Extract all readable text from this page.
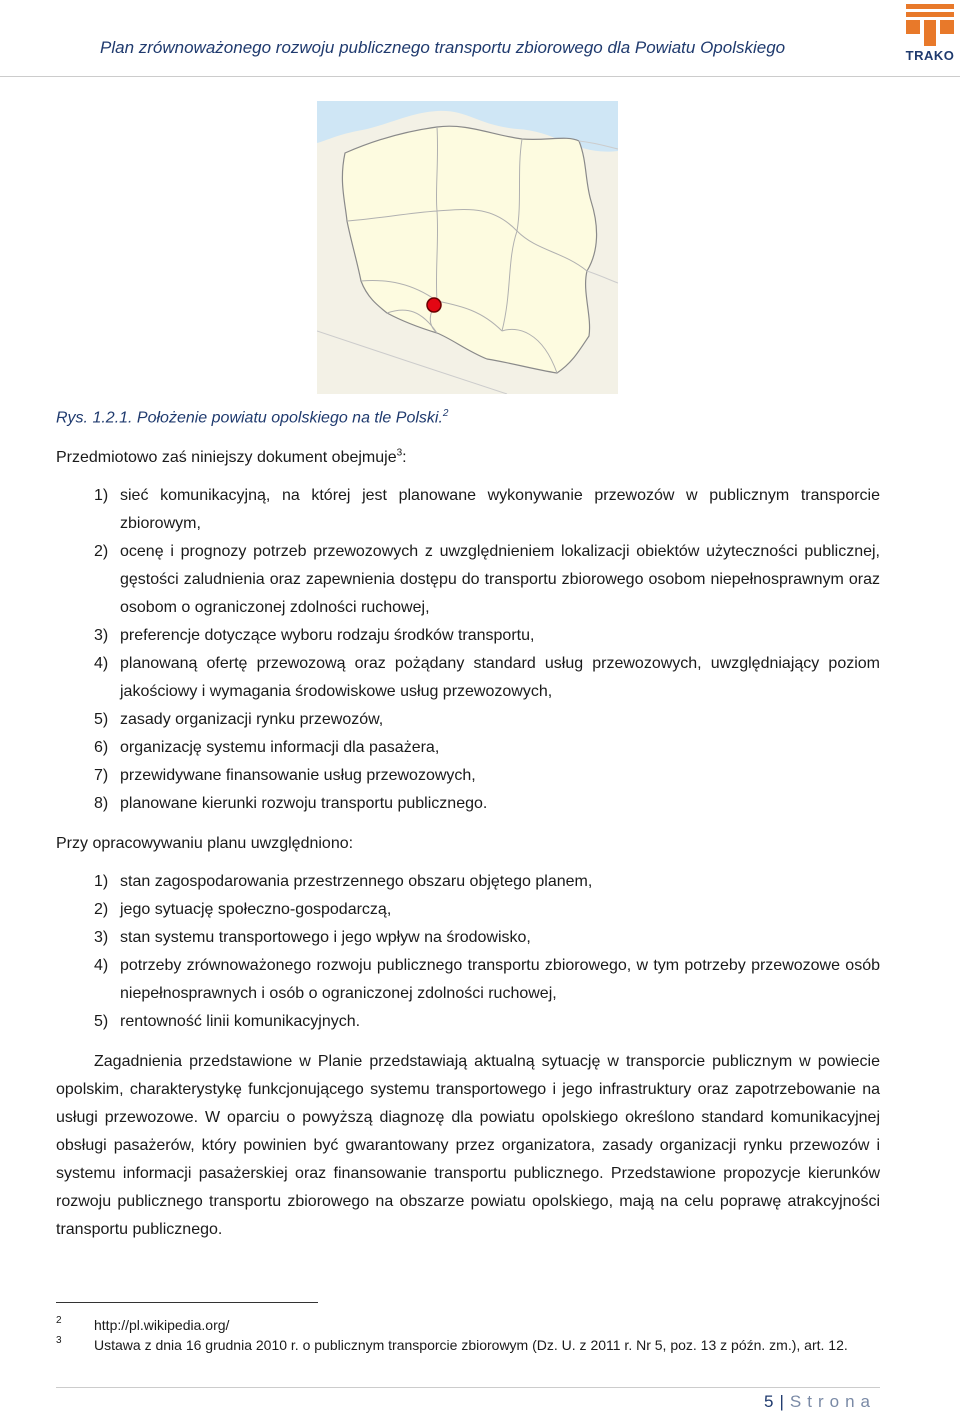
Plan zrównoważonego rozwoju publicznego transportu zbiorowego dla Powiatu Opolskiego	TRAKO
Rys. 1.2.1. Położenie powiatu opolskiego na tle Polski.$^2$
Przedmiotowo zaś niniejszy dokument obejmuje$^3$:
1) sieć komunikacyjną, na której jest planowane wykonywanie przewozów w publicznym transporcie zbiorowym,
2) ocenę i prognozy potrzeb przewozowych z uwzględnieniem lokalizacji obiektów użyteczności publicznej, gęstości zaludnienia oraz zapewnienia dostępu do transportu zbiorowego osobom niepełnosprawnym oraz osobom o ograniczonej zdolności ruchowej,
3) preferencje dotyczące wyboru rodzaju środków transportu,
4) planowaną ofertę przewozową oraz pożądany standard usług przewozowych, uwzględniający poziom jakościowy i wymagania środowiskowe usług przewozowych,
5) zasady organizacji rynku przewozów,
6) organizację systemu informacji dla pasażera,
7) przewidywane finansowanie usług przewozowych,
8) planowane kierunki rozwoju transportu publicznego.
Przy opracowywaniu planu uwzględniono:
1) stan zagospodarowania przestrzennego obszaru objętego planem,
2) jego sytuację społeczno-gospodarczą,
3) stan systemu transportowego i jego wpływ na środowisko,
4) potrzeby zrównoważonego rozwoju publicznego transportu zbiorowego, w tym potrzeby przewozowe osób niepełnosprawnych i osób o ograniczonej zdolności ruchowej,
5) rentowność linii komunikacyjnych.
Zagadnienia przedstawione w Planie przedstawiają aktualną sytuację w transporcie publicznym w powiecie opolskim, charakterystykę funkcjonującego systemu transportowego i jego infrastruktury oraz zapotrzebowanie na usługi przewozowe. W oparciu o powyższą diagnozę dla powiatu opolskiego określono standard komunikacyjnej obsługi pasażerów, który powinien być gwarantowany przez organizatora, zasady organizacji rynku przewozów i systemu informacji pasażerskiej oraz finansowanie transportu publicznego. Przedstawione propozycje kierunków rozwoju publicznego transportu zbiorowego na obszarze powiatu opolskiego, mają na celu poprawę atrakcyjności transportu publicznego.
2 http://pl.wikipedia.org/
3 Ustawa z dnia 16 grudnia 2010 r. o publicznym transporcie zbiorowym (Dz. U. z 2011 r. Nr 5, poz. 13 z późn. zm.), art. 12.
5 | Strona
